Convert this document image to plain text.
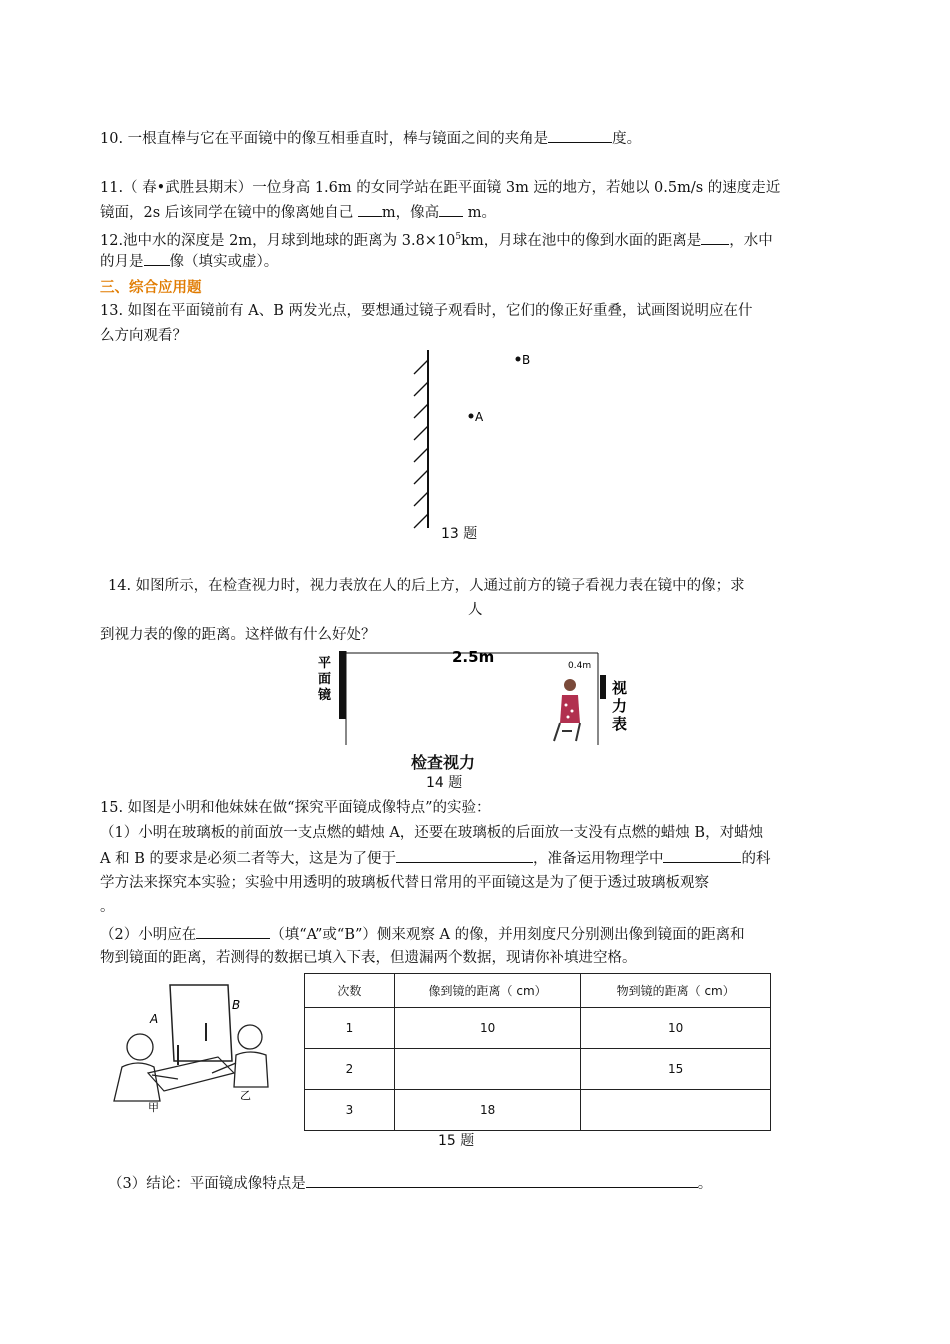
10. 一根直棒与它在平面镜中的像互相垂直时，棒与镜面之间的夹角是	度。
11.（ 春•武胜县期末）一位身高 1.6m 的女同学站在距平面镜 3m 远的地方，若她以 0.5m/s 的速度走近
镜面，2s 后该同学在镜中的像离她自己 m，像高 m。
12.池中水的深度是 2m，月球到地球的距离为 $3.8\times 10^5km$，月球在池中的像到水面的距离是 ，水中
的月是 像（填实或虚）。
三、综合应用题
13. 如图在平面镜前有 A、B 两发光点，要想通过镜子观看时，它们的像正好重叠，试画图说明应在什
么方向观看？
B
A
13 题
14. 如图所示，在检查视力时，视力表放在人的后上方，人通过前方的镜子看视力表在镜中的像；求
人
到视力表的像的距离。这样做有什么好处？
平
面
镜
2.5m	0.4m
视
力
表
检查视力
14 题
15. 如图是小明和他妹妹在做“探究平面镜成像特点”的实验：
（1）小明在玻璃板的前面放一支点燃的蜡烛 A，还要在玻璃板的后面放一支没有点燃的蜡烛 B，对蜡烛
A 和 B 的要求是必须二者等大，这是为了便于	，准备运用物理学中	的科
学方法来探究本实验；实验中用透明的玻璃板代替日常用的平面镜这是为了便于透过玻璃板观察
。
（2）小明应在	（填“A”或“B”）侧来观察 A 的像，并用刻度尺分别测出像到镜面的距离和
物到镜面的距离，若测得的数据已填入下表，但遗漏两个数据，现请你补填进空格。
A
B
甲
乙
次数	像到镜的距离（ cm）	物到镜的距离（ cm）
1	10	10
2		15
3	18	
15 题
（3）结论：平面镜成像特点是	。
